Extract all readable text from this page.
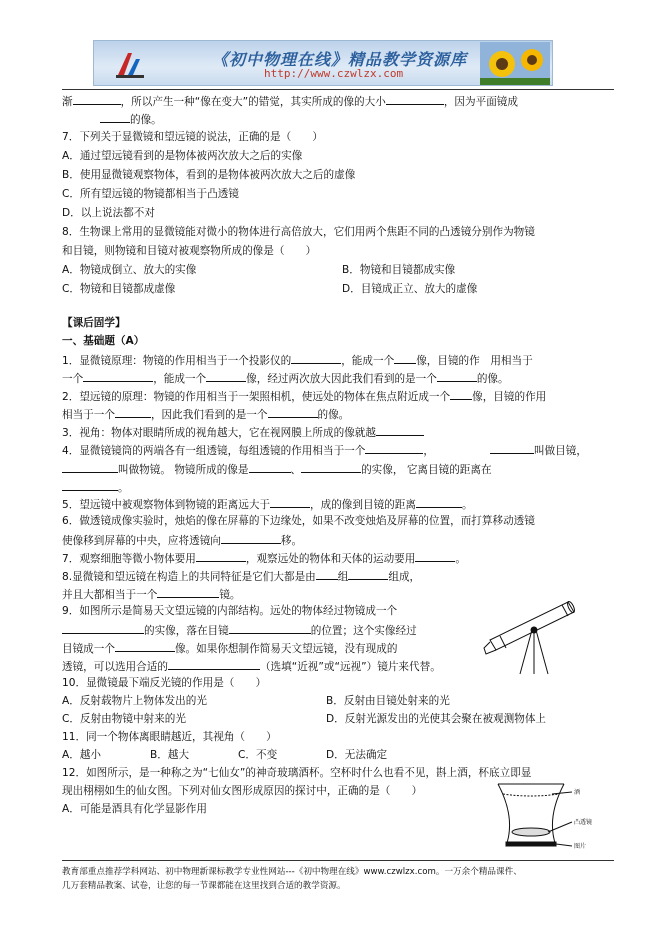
《初中物理在线》精品教学资源库
http://www.czwlzx.com
渐	，所以产生一种“像在变大”的错觉，其实所成的像的大小	，因为平面镜成
的像。
7．下列关于显微镜和望远镜的说法，正确的是（　　）
A．通过望远镜看到的是物体被两次放大之后的实像
B．使用显微镜观察物体，看到的是物体被两次放大之后的虚像
C．所有望远镜的物镜都相当于凸透镜
D．以上说法都不对
8．生物课上常用的显微镜能对微小的物体进行高倍放大，它们用两个焦距不同的凸透镜分别作为物镜
和目镜，则物镜和目镜对被观察物所成的像是（　　）
A．物镜成倒立、放大的实像	B．物镜和目镜都成实像
C．物镜和目镜都成虚像	D．目镜成正立、放大的虚像
【课后固学】
一、基础题（A）
1．显微镜原理：物镜的作用相当于一个投影仪的	，能成一个 像，目镜的作　用相当于
一个	，能成一个	像，经过两次放大因此我们看到的是一个	的像。
2．望远镜的原理：物镜的作用相当于一架照相机，使远处的物体在焦点附近成一个 像，目镜的作用
相当于一个	，因此我们看到的是一个	的像。
3．视角：物体对眼睛所成的视角越大，它在视网膜上所成的像就越
4．显微镜镜筒的两端各有一组透镜，每组透镜的作用相当于一个	，	叫做目镜，
叫做物镜。 物镜所成的像是	、	的实像， 它离目镜的距离在
。
5．望远镜中被观察物体到物镜的距离远大于	，成的像到目镜的距离	。
6．做透镜成像实验时，烛焰的像在屏幕的下边缘处，如果不改变烛焰及屏幕的位置，而打算移动透镜
使像移到屏幕的中央，应将透镜向	移。
7．观察细胞等微小物体要用	，观察远处的物体和天体的运动要用	。
8.显微镜和望远镜在构造上的共同特征是它们大都是由 组	组成，
并且大都相当于一个	镜。
9．如图所示是简易天文望远镜的内部结构。远处的物体经过物镜成一个
的实像，落在目镜	的位置；这个实像经过
目镜成一个	像。如果你想制作简易天文望远镜，没有现成的
透镜，可以选用合适的	（选填“近视”或“远视”）镜片来代替。
10．显微镜最下端反光镜的作用是（　　）
A．反射载物片上物体发出的光	B．反射由目镜处射来的光
C．反射由物镜中射来的光	D．反射光源发出的光使其会聚在被观测物体上
11．同一个物体离眼睛越近，其视角（　　）
A．越小	B．越大	C．不变	D．无法确定
12．如图所示，是一种称之为“七仙女”的神奇玻璃酒杯。空杯时什么也看不见，斟上酒，杯底立即显
现出栩栩如生的仙女图。下列对仙女图形成原因的探讨中，正确的是（　　）
A．可能是酒具有化学显影作用
酒
凸透镜
图片
教育部重点推荐学科网站、初中物理新课标教学专业性网站---《初中物理在线》www.czwlzx.com。一万余个精品课件、
几万套精品教案、试卷，让您的每一节课都能在这里找到合适的教学资源。
